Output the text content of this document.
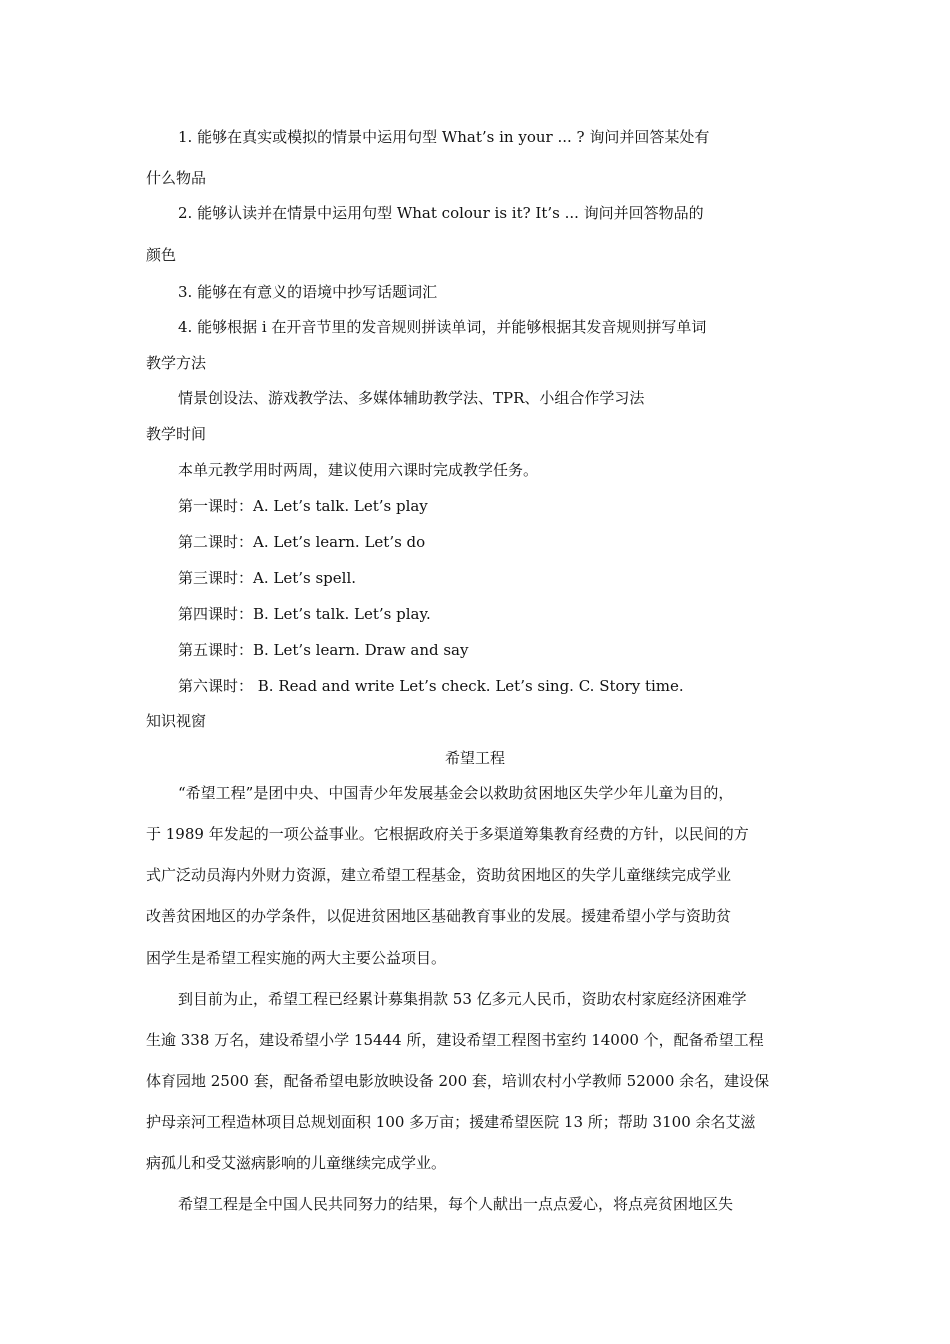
1. 能够在真实或模拟的情景中运用句型 What’s in your ... ? 询问并回答某处有
什么物品
2. 能够认读并在情景中运用句型 What colour is it? It’s ... 询问并回答物品的
颜色
3. 能够在有意义的语境中抄写话题词汇
4. 能够根据 i 在开音节里的发音规则拼读单词，并能够根据其发音规则拼写单词
教学方法
情景创设法、游戏教学法、多媒体辅助教学法、TPR、小组合作学习法
教学时间
本单元教学用时两周，建议使用六课时完成教学任务。
第一课时：A. Let’s talk. Let’s play
第二课时：A. Let’s learn. Let’s do
第三课时：A. Let’s spell.
第四课时：B. Let’s talk. Let’s play.
第五课时：B. Let’s learn. Draw and say
第六课时： B. Read and write Let’s check. Let’s sing. C. Story time.
知识视窗
希望工程
“希望工程”是团中央、中国青少年发展基金会以救助贫困地区失学少年儿童为目的，
于 1989 年发起的一项公益事业。它根据政府关于多渠道筹集教育经费的方针，以民间的方
式广泛动员海内外财力资源，建立希望工程基金，资助贫困地区的失学儿童继续完成学业
改善贫困地区的办学条件，以促进贫困地区基础教育事业的发展。援建希望小学与资助贫
困学生是希望工程实施的两大主要公益项目。
到目前为止，希望工程已经累计募集捐款 53 亿多元人民币，资助农村家庭经济困难学
生逾 338 万名，建设希望小学 15444 所，建设希望工程图书室约 14000 个，配备希望工程
体育园地 2500 套，配备希望电影放映设备 200 套，培训农村小学教师 52000 余名，建设保
护母亲河工程造林项目总规划面积 100 多万亩；援建希望医院 13 所；帮助 3100 余名艾滋
病孤儿和受艾滋病影响的儿童继续完成学业。
希望工程是全中国人民共同努力的结果，每个人献出一点点爱心，将点亮贫困地区失
